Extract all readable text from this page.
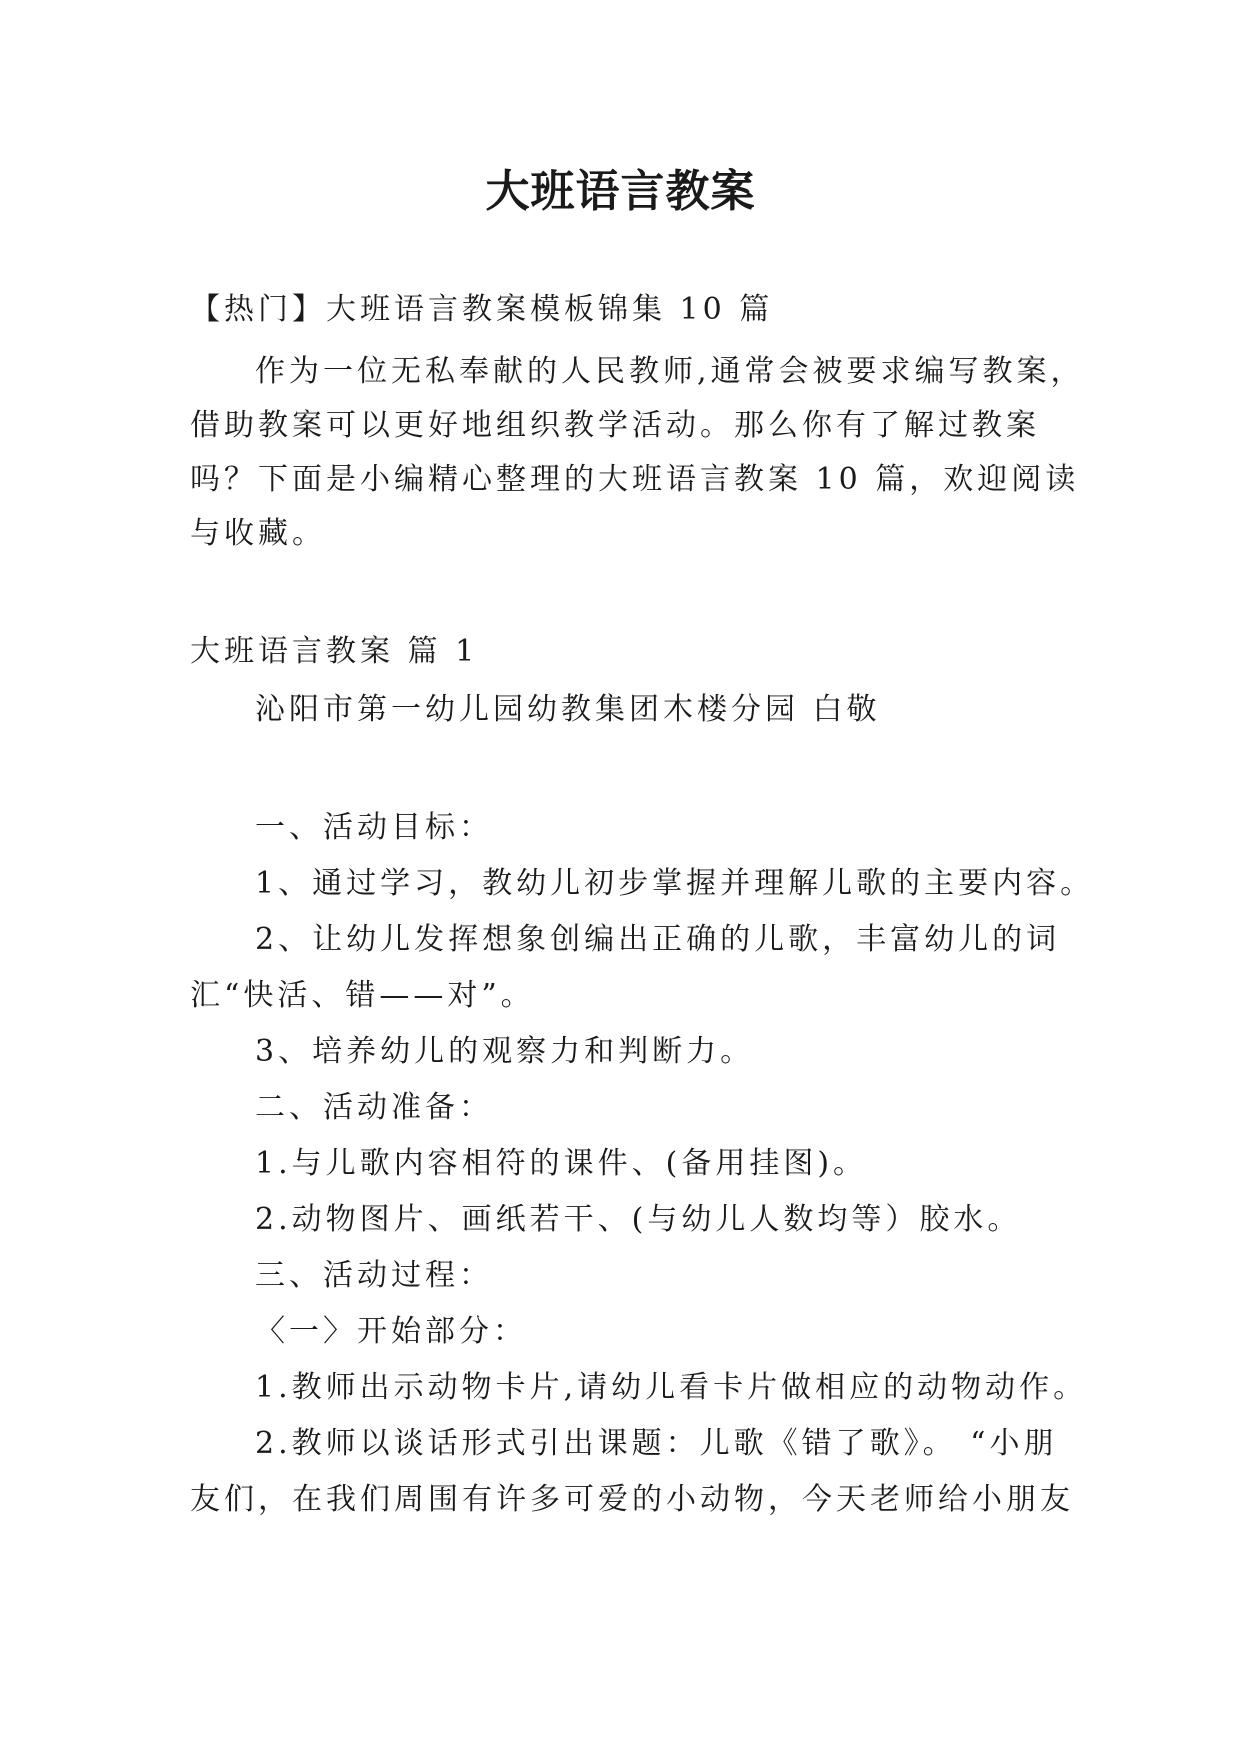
大班语言教案
【热门】大班语言教案模板锦集 10 篇
作为一位无私奉献的人民教师,通常会被要求编写教案，
借助教案可以更好地组织教学活动。那么你有了解过教案
吗？下面是小编精心整理的大班语言教案 10 篇，欢迎阅读
与收藏。
大班语言教案 篇 1
沁阳市第一幼儿园幼教集团木楼分园 白敬
一、活动目标：
1、通过学习，教幼儿初步掌握并理解儿歌的主要内容。
2、让幼儿发挥想象创编出正确的儿歌，丰富幼儿的词
汇“快活、错——对”。
3、培养幼儿的观察力和判断力。
二、活动准备：
1.与儿歌内容相符的课件、(备用挂图)。
2.动物图片、画纸若干、(与幼儿人数均等）胶水。
三、活动过程：
〈一〉开始部分：
1.教师出示动物卡片,请幼儿看卡片做相应的动物动作。
2.教师以谈话形式引出课题：儿歌《错了歌》。 “小朋
友们，在我们周围有许多可爱的小动物，今天老师给小朋友
